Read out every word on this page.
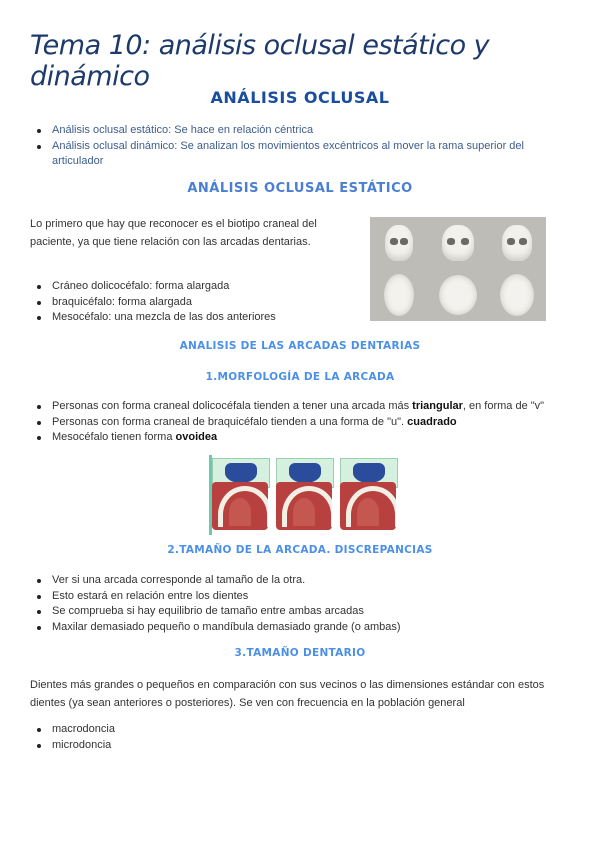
Tema 10: análisis oclusal estático y dinámico
ANÁLISIS OCLUSAL
Análisis oclusal estático: Se hace en relación céntrica
Análisis oclusal dinámico: Se analizan los movimientos excéntricos al mover la rama superior del articulador
ANÁLISIS OCLUSAL ESTÁTICO

Lo primero que hay que reconocer es el biotipo craneal del paciente, ya que tiene relación con las arcadas dentarias.

Cráneo dolicocéfalo: forma alargada
braquicéfalo: forma alargada
Mesocéfalo: una mezcla de las dos anteriores
ANALISIS DE LAS ARCADAS DENTARIAS
1.MORFOLOGÍA DE LA ARCADA
Personas con forma craneal dolicocéfala tienden a tener una arcada más triangular, en forma de "v"
Personas con forma craneal de braquicéfalo tienden a una forma de "u". cuadrado
Mesocéfalo tienen forma ovoidea
2.TAMAÑO DE LA ARCADA. DISCREPANCIAS
Ver si una arcada corresponde al tamaño de la otra.
Esto estará en relación entre los dientes
Se comprueba si hay equilibrio de tamaño entre ambas arcadas
Maxilar demasiado pequeño o mandíbula demasiado grande (o ambas)
3.TAMAÑO DENTARIO

Dientes más grandes o pequeños en comparación con sus vecinos o las dimensiones estándar con estos dientes (ya sean anteriores o posteriores). Se ven con frecuencia en la población general

macrodoncia
microdoncia
